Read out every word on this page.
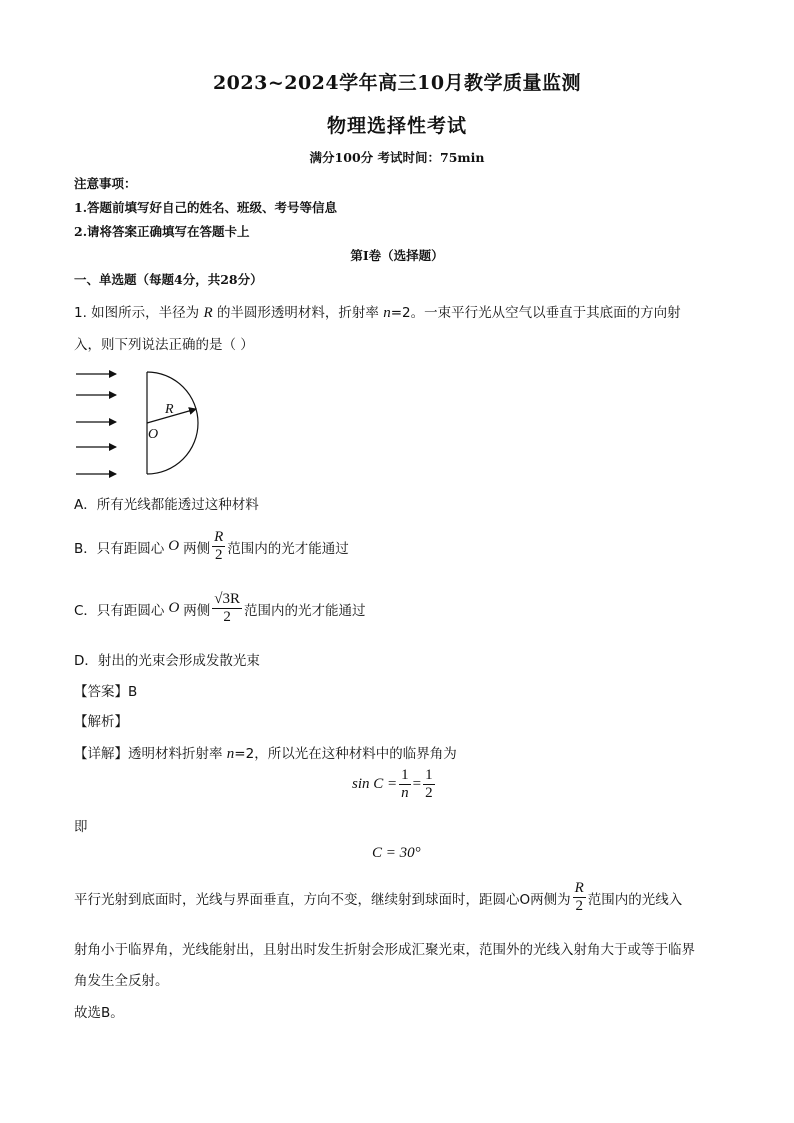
2023~2024学年高三10月教学质量监测
物理选择性考试
满分100分 考试时间：75min
注意事项：
1.答题前填写好自己的姓名、班级、考号等信息
2.请将答案正确填写在答题卡上
第Ⅰ卷（选择题）
一、单选题（每题4分，共28分）
1. 如图所示，半径为 R 的半圆形透明材料，折射率 n=2。一束平行光从空气以垂直于其底面的方向射
入，则下列说法正确的是（ ）
R
O
A．所有光线都能透过这种材料
B．只有距圆心 O 两侧 $\frac{R}{2}$ 范围内的光才能通过
C．只有距圆心 O 两侧 $\frac{√3R}{2}$ 范围内的光才能通过
D．射出的光束会形成发散光束
【答案】B
【解析】
【详解】透明材料折射率 n=2，所以光在这种材料中的临界角为
$\sin C = \frac{1}{n} = \frac{1}{2}$
即
C = 30°
平行光射到底面时，光线与界面垂直，方向不变，继续射到球面时，距圆心O两侧为 $\frac{R}{2}$ 范围内的光线入
射角小于临界角，光线能射出，且射出时发生折射会形成汇聚光束，范围外的光线入射角大于或等于临界
角发生全反射。
故选B。
